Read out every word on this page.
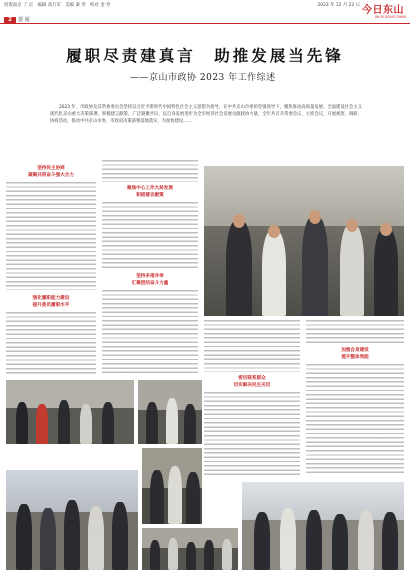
投资南京 丁 京　编辑 高万军　美编 秦 琴　校对 金 琴	2023 年 12 月 22 日 今日东山
JIN RI DONG SHAN
2	要 闻
履职尽责建真言　助推发展当先锋
——京山市政协 2023 年工作综述
2023 年，市政协及其常委委员会坚持以习近平新时代中国特色社会主义思想为指导，在中共京山市委的坚强领导下，聚焦推动高质量发展、全面建设社会主义现代化京山重大决策部署，积极建言献策，广泛凝聚共识，以自身发展进步为全市经济社会发展贡献政协力量，全年共召开常委会议、主席会议，开展视察、调研、协商活动，推动中共京山市委、市政府决策部署落地落实，为加快建设……
坚持民主协商
凝聚共同奋斗强大合力
强化履职能力建设
提升委员履职水平
聚焦中心工作大局发展
积极建言献策
坚持多措并举
汇聚团结奋斗力量
密切联系群众
切实解决民生关切
加强自身建设
提升整体效能
